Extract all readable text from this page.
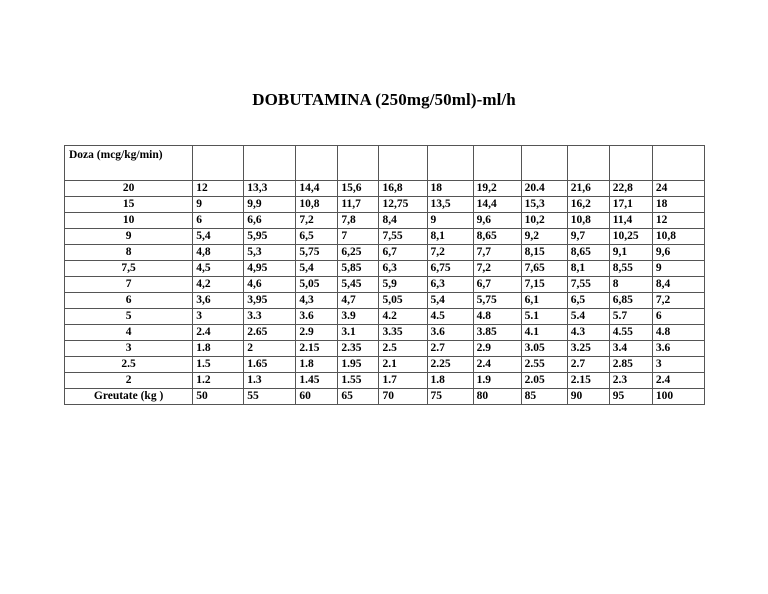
DOBUTAMINA (250mg/50ml)-ml/h
Doza (mcg/kg/min)											
20	12	13,3	14,4	15,6	16,8	18	19,2	20.4	21,6	22,8	24
15	9	9,9	10,8	11,7	12,75	13,5	14,4	15,3	16,2	17,1	18
10	6	6,6	7,2	7,8	8,4	9	9,6	10,2	10,8	11,4	12
9	5,4	5,95	6,5	7	7,55	8,1	8,65	9,2	9,7	10,25	10,8
8	4,8	5,3	5,75	6,25	6,7	7,2	7,7	8,15	8,65	9,1	9,6
7,5	4,5	4,95	5,4	5,85	6,3	6,75	7,2	7,65	8,1	8,55	9
7	4,2	4,6	5,05	5,45	5,9	6,3	6,7	7,15	7,55	8	8,4
6	3,6	3,95	4,3	4,7	5,05	5,4	5,75	6,1	6,5	6,85	7,2
5	3	3.3	3.6	3.9	4.2	4.5	4.8	5.1	5.4	5.7	6
4	2.4	2.65	2.9	3.1	3.35	3.6	3.85	4.1	4.3	4.55	4.8
3	1.8	2	2.15	2.35	2.5	2.7	2.9	3.05	3.25	3.4	3.6
2.5	1.5	1.65	1.8	1.95	2.1	2.25	2.4	2.55	2.7	2.85	3
2	1.2	1.3	1.45	1.55	1.7	1.8	1.9	2.05	2.15	2.3	2.4
Greutate (kg )	50	55	60	65	70	75	80	85	90	95	100
